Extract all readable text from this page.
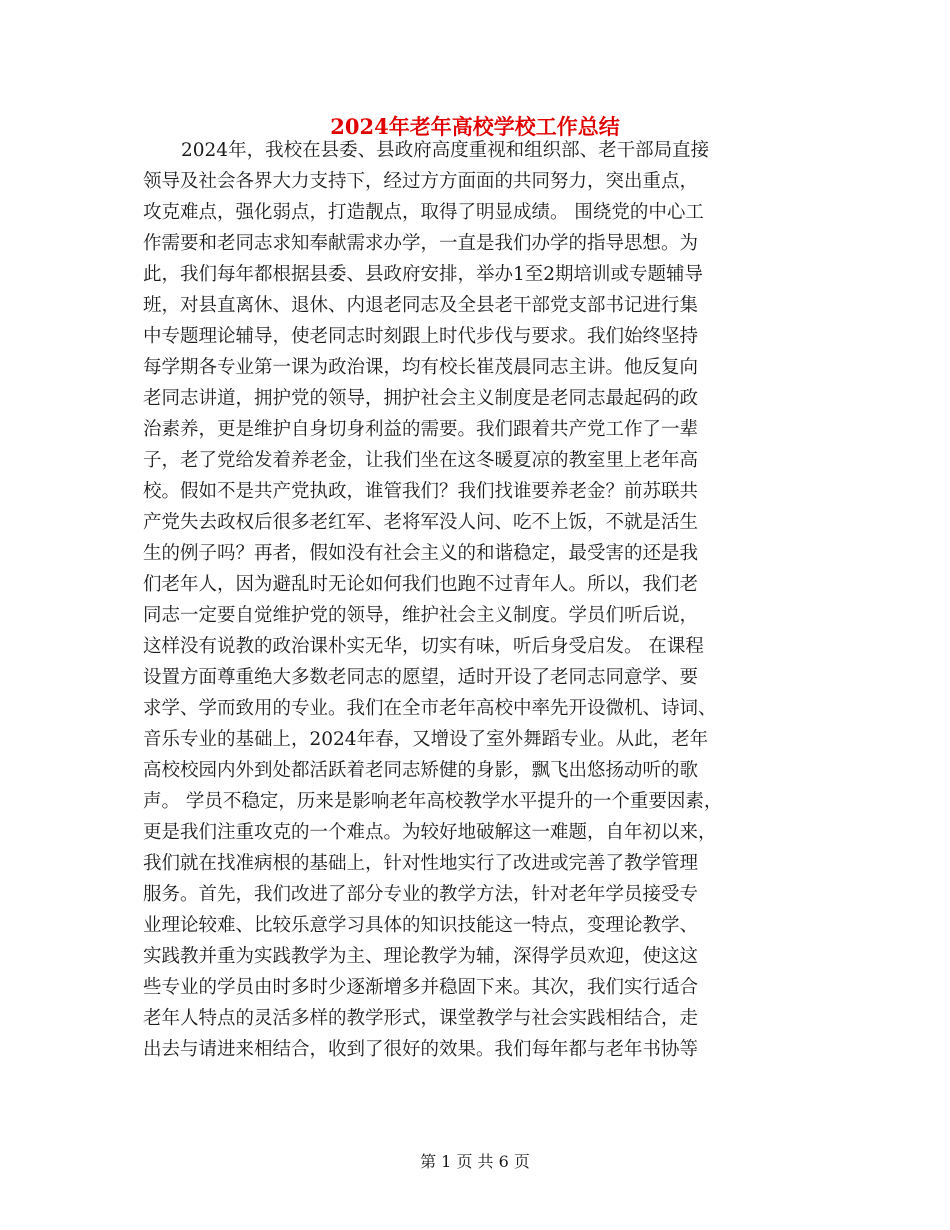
2024年老年高校学校工作总结
2024年，我校在县委、县政府高度重视和组织部、老干部局直接
领导及社会各界大力支持下，经过方方面面的共同努力，突出重点，
攻克难点，强化弱点，打造靓点，取得了明显成绩。 围绕党的中心工
作需要和老同志求知奉献需求办学，一直是我们办学的指导思想。为
此，我们每年都根据县委、县政府安排，举办1至2期培训或专题辅导
班，对县直离休、退休、内退老同志及全县老干部党支部书记进行集
中专题理论辅导，使老同志时刻跟上时代步伐与要求。我们始终坚持
每学期各专业第一课为政治课，均有校长崔茂晨同志主讲。他反复向
老同志讲道，拥护党的领导，拥护社会主义制度是老同志最起码的政
治素养，更是维护自身切身利益的需要。我们跟着共产党工作了一辈
子，老了党给发着养老金，让我们坐在这冬暖夏凉的教室里上老年高
校。假如不是共产党执政，谁管我们？我们找谁要养老金？前苏联共
产党失去政权后很多老红军、老将军没人问、吃不上饭，不就是活生
生的例子吗？再者，假如没有社会主义的和谐稳定，最受害的还是我
们老年人，因为避乱时无论如何我们也跑不过青年人。所以，我们老
同志一定要自觉维护党的领导，维护社会主义制度。学员们听后说，
这样没有说教的政治课朴实无华，切实有味，听后身受启发。 在课程
设置方面尊重绝大多数老同志的愿望，适时开设了老同志同意学、要
求学、学而致用的专业。我们在全市老年高校中率先开设微机、诗词、
音乐专业的基础上，2024年春，又增设了室外舞蹈专业。从此，老年
高校校园内外到处都活跃着老同志矫健的身影，飘飞出悠扬动听的歌
声。 学员不稳定，历来是影响老年高校教学水平提升的一个重要因素，
更是我们注重攻克的一个难点。为较好地破解这一难题，自年初以来，
我们就在找准病根的基础上，针对性地实行了改进或完善了教学管理
服务。首先，我们改进了部分专业的教学方法，针对老年学员接受专
业理论较难、比较乐意学习具体的知识技能这一特点，变理论教学、
实践教并重为实践教学为主、理论教学为辅，深得学员欢迎，使这这
些专业的学员由时多时少逐渐增多并稳固下来。其次，我们实行适合
老年人特点的灵活多样的教学形式，课堂教学与社会实践相结合，走
出去与请进来相结合，收到了很好的效果。我们每年都与老年书协等
第 1 页 共 6 页
